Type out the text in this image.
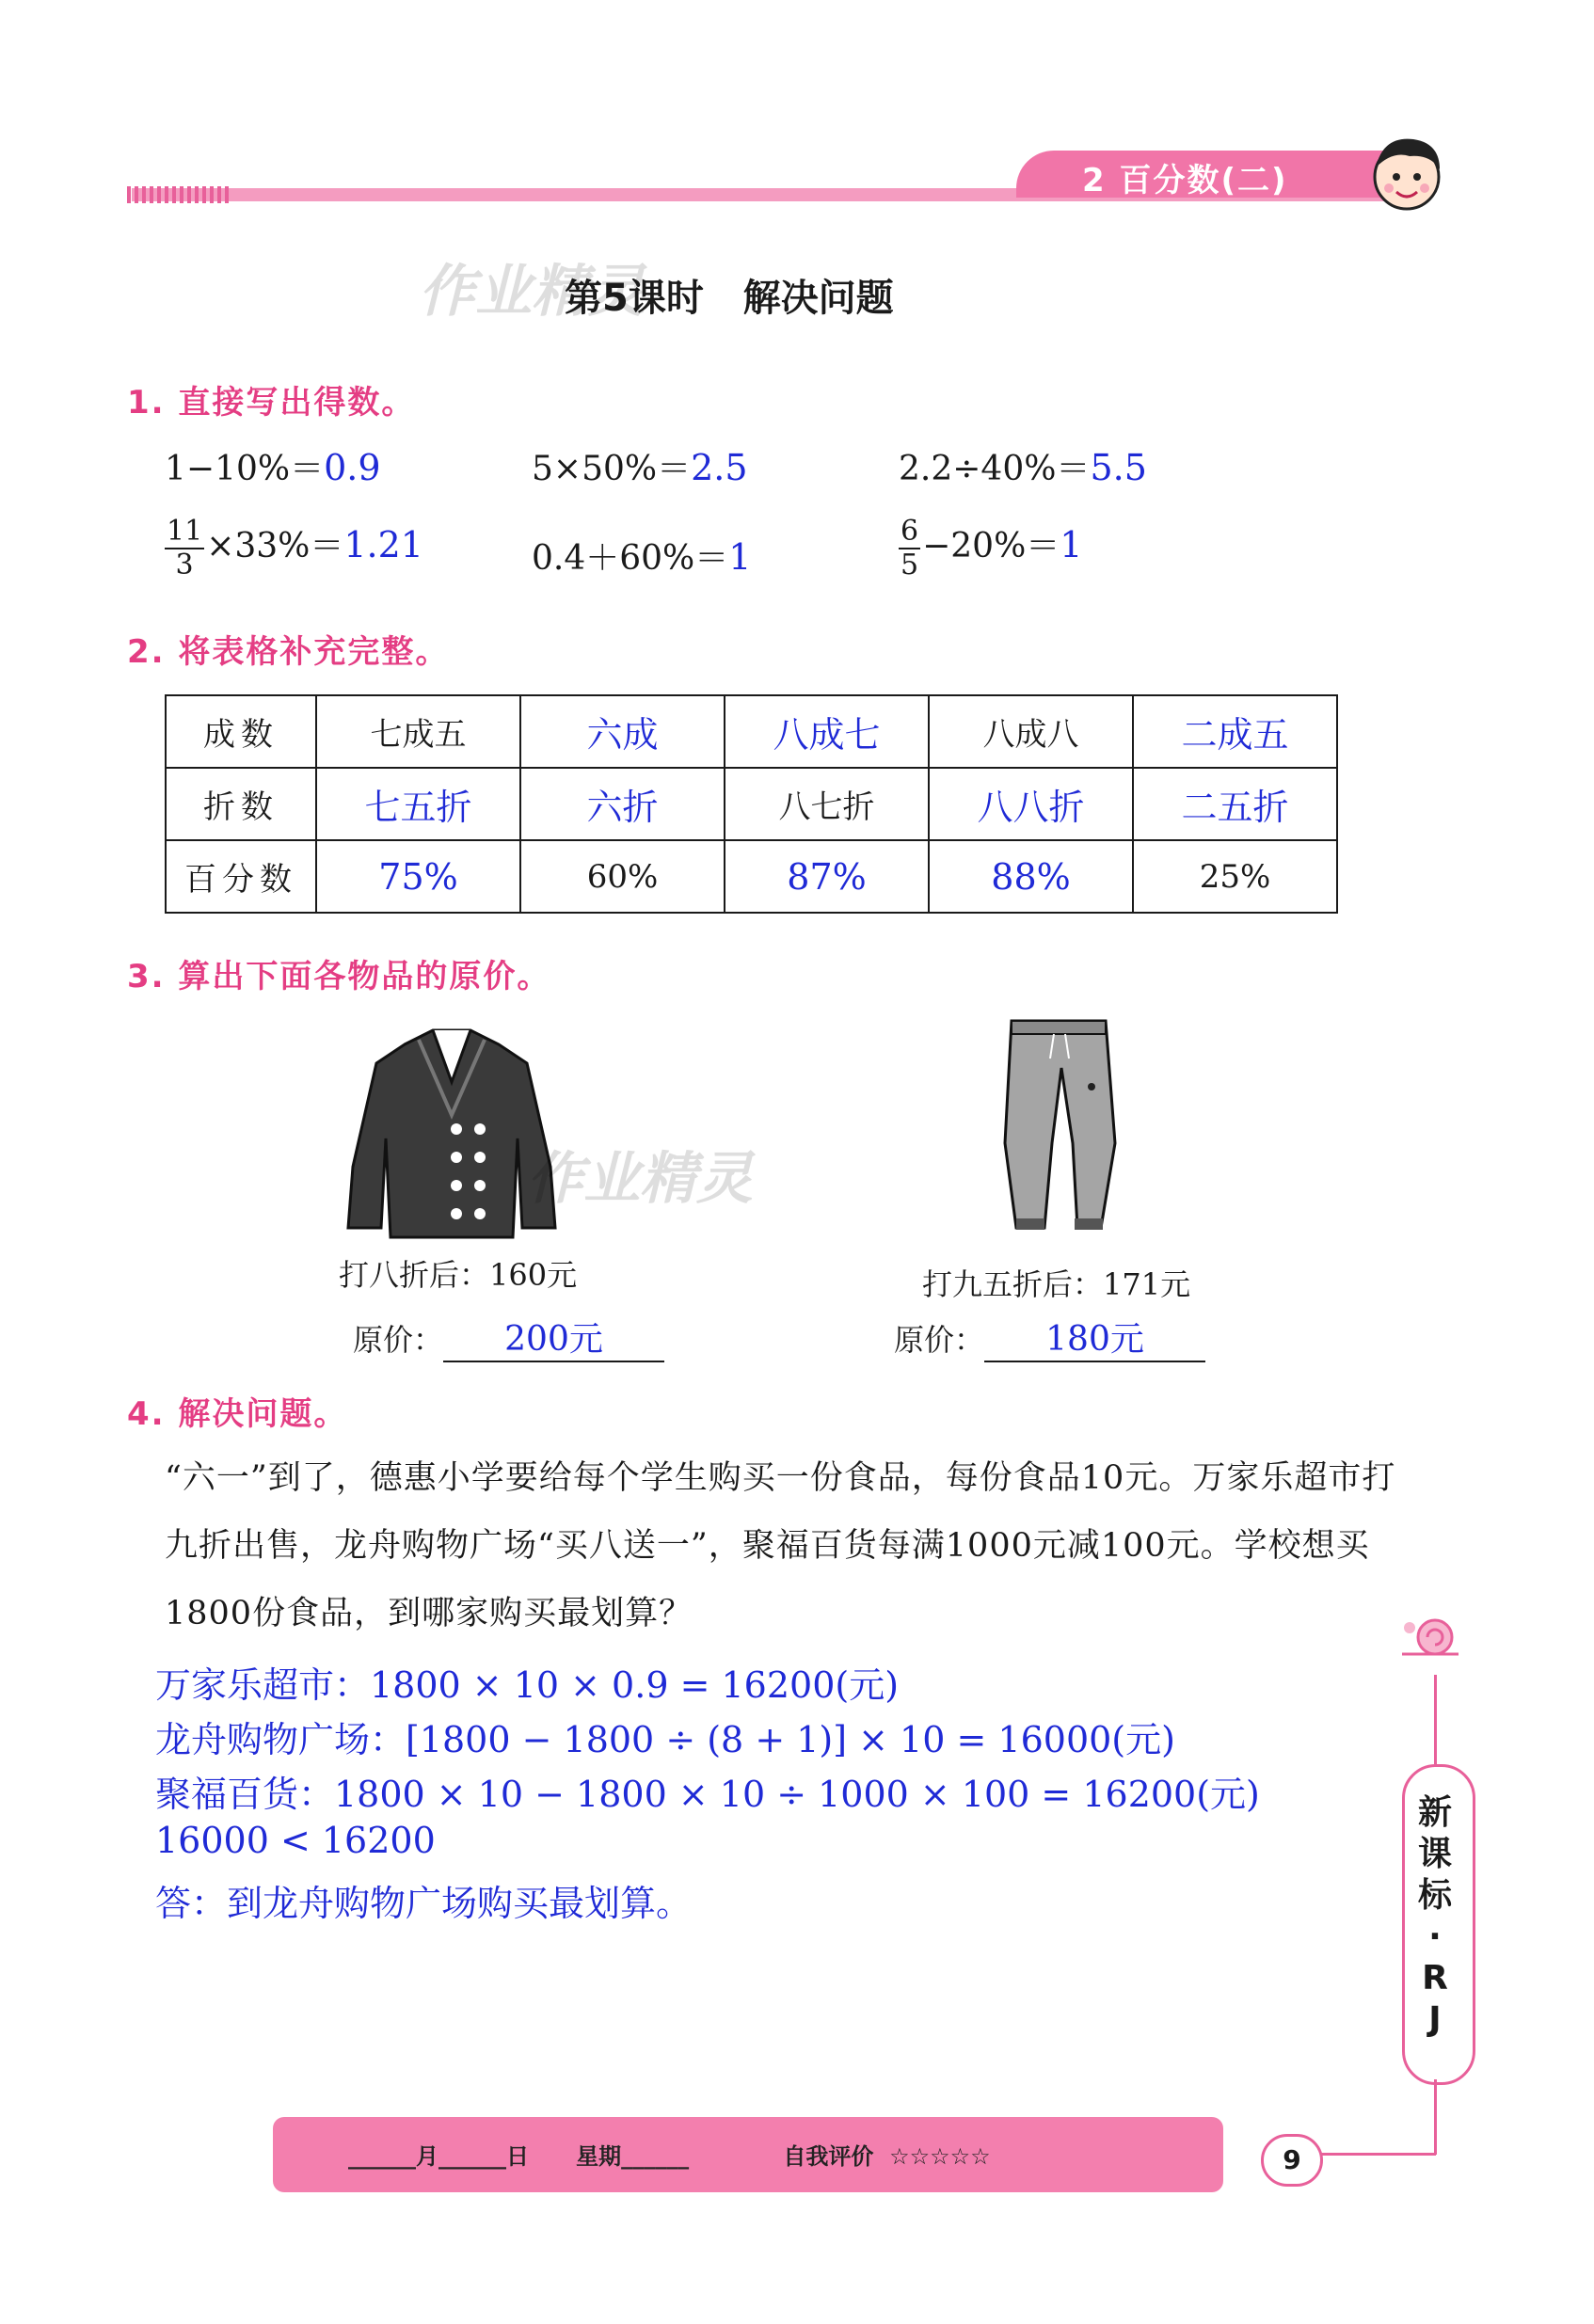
2 百分数(二)
作业精灵
第5课时   解决问题
1. 直接写出得数。
1−10%＝0.9	5×50%＝2.5	2.2÷40%＝5.5
$\frac{11}{3} \times 33\%=1.21$	0.4＋60%＝1	$\frac{6}{5} -20\%=1$
2. 将表格补充完整。
成数	七成五	六成	八成七	八成八	二成五
折数	七五折	六折	八七折	八八折	二五折
百分数	75%	60%	87%	88%	25%
3. 算出下面各物品的原价。
作业精灵
打八折后：160元	打九五折后：171元
原价： 200元	原价： 180元
4. 解决问题。
“六一”到了，德惠小学要给每个学生购买一份食品，每份食品10元。万家乐超市打九折出售，龙舟购物广场“买八送一”，聚福百货每满1000元减100元。学校想买1800份食品，到哪家购买最划算？
万家乐超市：1800 × 10 × 0.9 = 16200(元)
龙舟购物广场：[1800 − 1800 ÷ (8 + 1)] × 10 = 16000(元)
聚福百货：1800 × 10 − 1800 × 10 ÷ 1000 × 100 = 16200(元)
16000 < 16200
答：到龙舟购物广场购买最划算。
新课标·RJ
______月______日      星期______            自我评价  ☆☆☆☆☆	9
